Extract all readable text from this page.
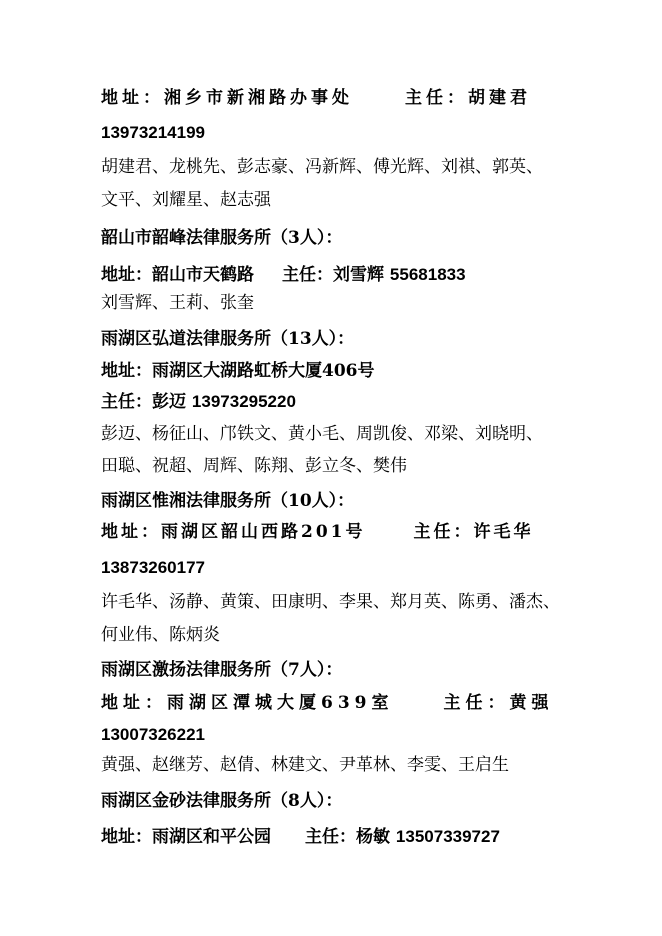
地址：湘乡市新湘路办事处	主任：胡建君
13973214199
胡建君、龙桃先、彭志豪、冯新辉、傅光辉、刘祺、郭英、
文平、刘耀星、赵志强
韶山市韶峰法律服务所（3人）：
地址：韶山市天鹤路 主任：刘雪辉 55681833
刘雪辉、王莉、张奎
雨湖区弘道法律服务所（13人）：
地址：雨湖区大湖路虹桥大厦406号
主任：彭迈 13973295220
彭迈、杨征山、邝铁文、黄小毛、周凯俊、邓梁、刘晓明、
田聪、祝超、周辉、陈翔、彭立冬、樊伟
雨湖区惟湘法律服务所（10人）：
地址：雨湖区韶山西路201号	主任：许毛华
13873260177
许毛华、汤静、黄策、田康明、李果、郑月英、陈勇、潘杰、
何业伟、陈炳炎
雨湖区激扬法律服务所（7人）：
地址：雨湖区潭城大厦639室	主任：黄强
13007326221
黄强、赵继芳、赵倩、林建文、尹革林、李雯、王启生
雨湖区金砂法律服务所（8人）：
地址：雨湖区和平公园 主任：杨敏 13507339727
